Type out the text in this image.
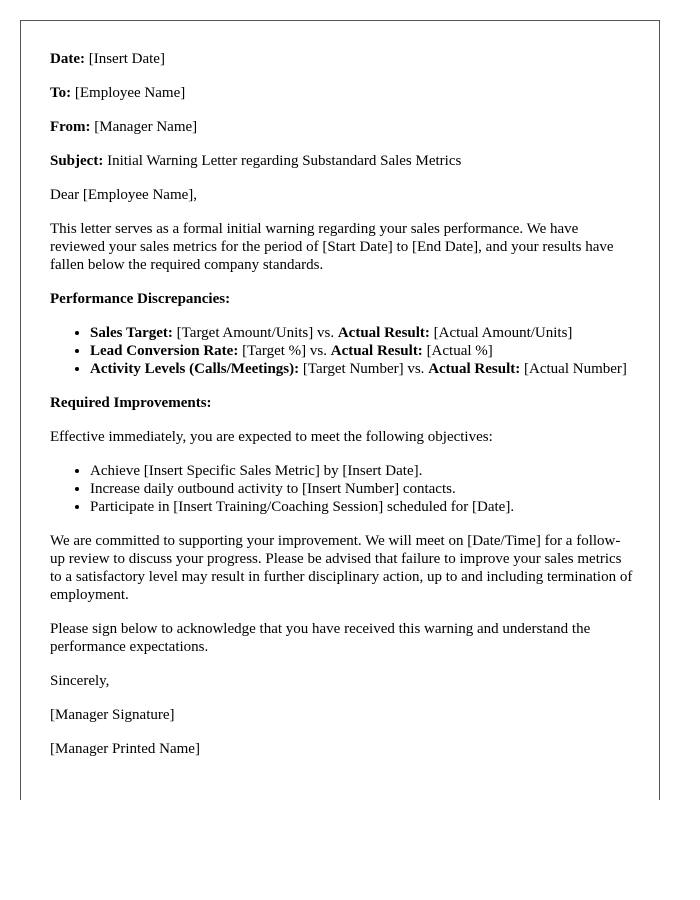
Date: [Insert Date]

To: [Employee Name]

From: [Manager Name]

Subject: Initial Warning Letter regarding Substandard Sales Metrics

Dear [Employee Name],

This letter serves as a formal initial warning regarding your sales performance. We have reviewed your sales metrics for the period of [Start Date] to [End Date], and your results have fallen below the required company standards.

Performance Discrepancies:
• Sales Target: [Target Amount/Units] vs. Actual Result: [Actual Amount/Units]
• Lead Conversion Rate: [Target %] vs. Actual Result: [Actual %]
• Activity Levels (Calls/Meetings): [Target Number] vs. Actual Result: [Actual Number]
Required Improvements:

Effective immediately, you are expected to meet the following objectives:

• Achieve [Insert Specific Sales Metric] by [Insert Date].
• Increase daily outbound activity to [Insert Number] contacts.
• Participate in [Insert Training/Coaching Session] scheduled for [Date].

We are committed to supporting your improvement. We will meet on [Date/Time] for a follow-up review to discuss your progress. Please be advised that failure to improve your sales metrics to a satisfactory level may result in further disciplinary action, up to and including termination of employment.

Please sign below to acknowledge that you have received this warning and understand the performance expectations.

Sincerely,

[Manager Signature]

[Manager Printed Name]
